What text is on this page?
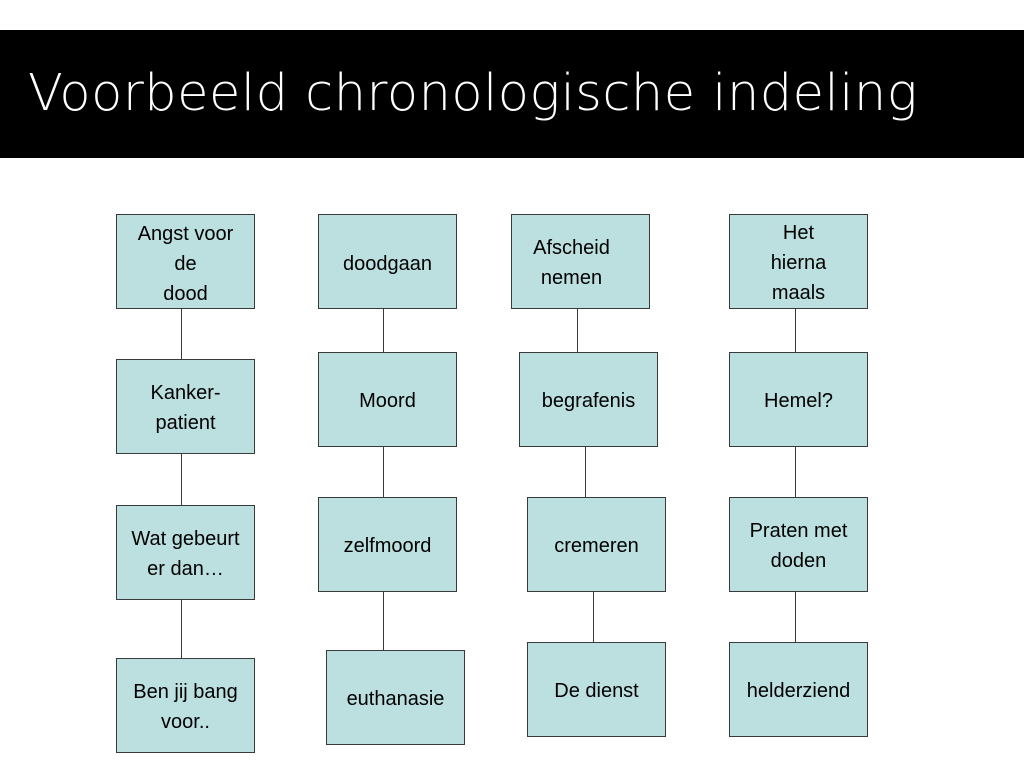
Voorbeeld chronologische indeling
Angst voor
de
dood
Kanker-
patient
Wat gebeurt
er dan…
Ben jij bang
voor..
doodgaan
Moord
zelfmoord
euthanasie
Afscheid
nemen
begrafenis
cremeren
De dienst
Het
hierna
maals
Hemel?
Praten met
doden
helderziend
